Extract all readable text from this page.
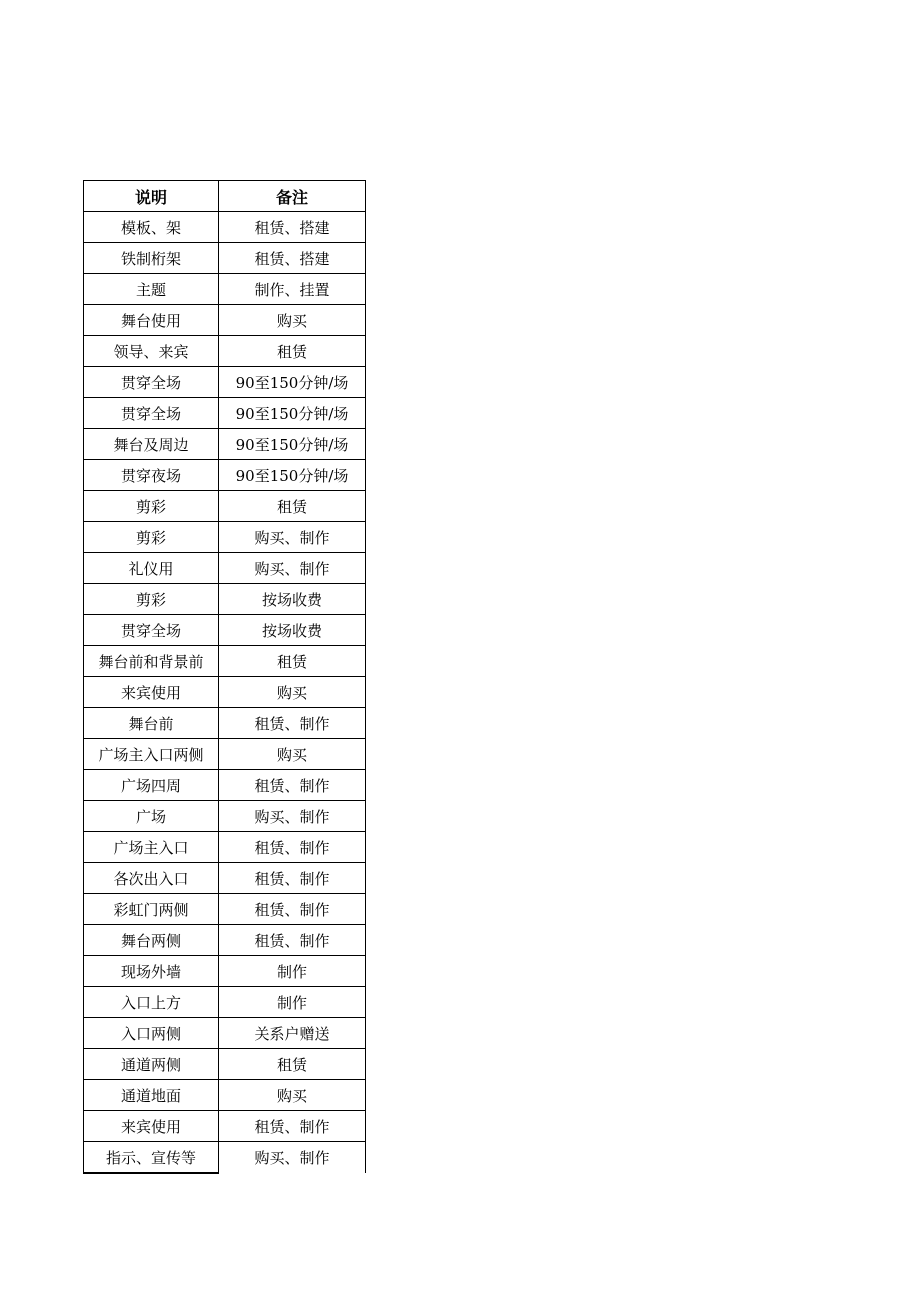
说明	备注
模板、架	租赁、搭建
铁制桁架	租赁、搭建
主题	制作、挂置
舞台使用	购买
领导、来宾	租赁
贯穿全场	90至150分钟/场
贯穿全场	90至150分钟/场
舞台及周边	90至150分钟/场
贯穿夜场	90至150分钟/场
剪彩	租赁
剪彩	购买、制作
礼仪用	购买、制作
剪彩	按场收费
贯穿全场	按场收费
舞台前和背景前	租赁
来宾使用	购买
舞台前	租赁、制作
广场主入口两侧	购买
广场四周	租赁、制作
广场	购买、制作
广场主入口	租赁、制作
各次出入口	租赁、制作
彩虹门两侧	租赁、制作
舞台两侧	租赁、制作
现场外墙	制作
入口上方	制作
入口两侧	关系户赠送
通道两侧	租赁
通道地面	购买
来宾使用	租赁、制作
指示、宣传等	购买、制作
